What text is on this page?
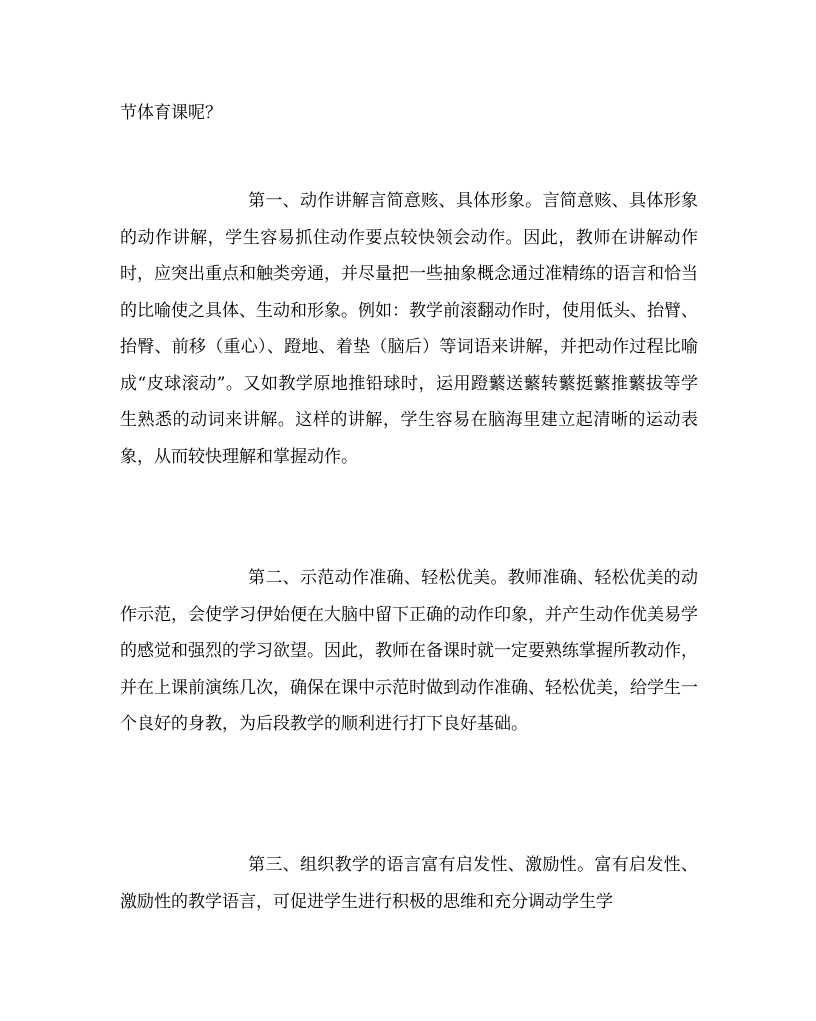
节体育课呢？

第一、动作讲解言简意赅、具体形象。言简意赅、具体形象的动作讲解，学生容易抓住动作要点较快领会动作。因此，教师在讲解动作时，应突出重点和触类旁通，并尽量把一些抽象概念通过准精练的语言和恰当的比喻使之具体、生动和形象。例如：教学前滚翻动作时，使用低头、抬臂、抬臀、前移（重心）、蹬地、着垫（脑后）等词语来讲解，并把动作过程比喻成“皮球滚动”。又如教学原地推铅球时，运用蹬蘩送蘩转蘩挺蘩推蘩拔等学生熟悉的动词来讲解。这样的讲解，学生容易在脑海里建立起清晰的运动表象，从而较快理解和掌握动作。

第二、示范动作准确、轻松优美。教师准确、轻松优美的动作示范，会使学习伊始便在大脑中留下正确的动作印象，并产生动作优美易学的感觉和强烈的学习欲望。因此，教师在备课时就一定要熟练掌握所教动作，并在上课前演练几次，确保在课中示范时做到动作准确、轻松优美，给学生一个良好的身教，为后段教学的顺利进行打下良好基础。

第三、组织教学的语言富有启发性、激励性。富有启发性、激励性的教学语言，可促进学生进行积极的思维和充分调动学生学
